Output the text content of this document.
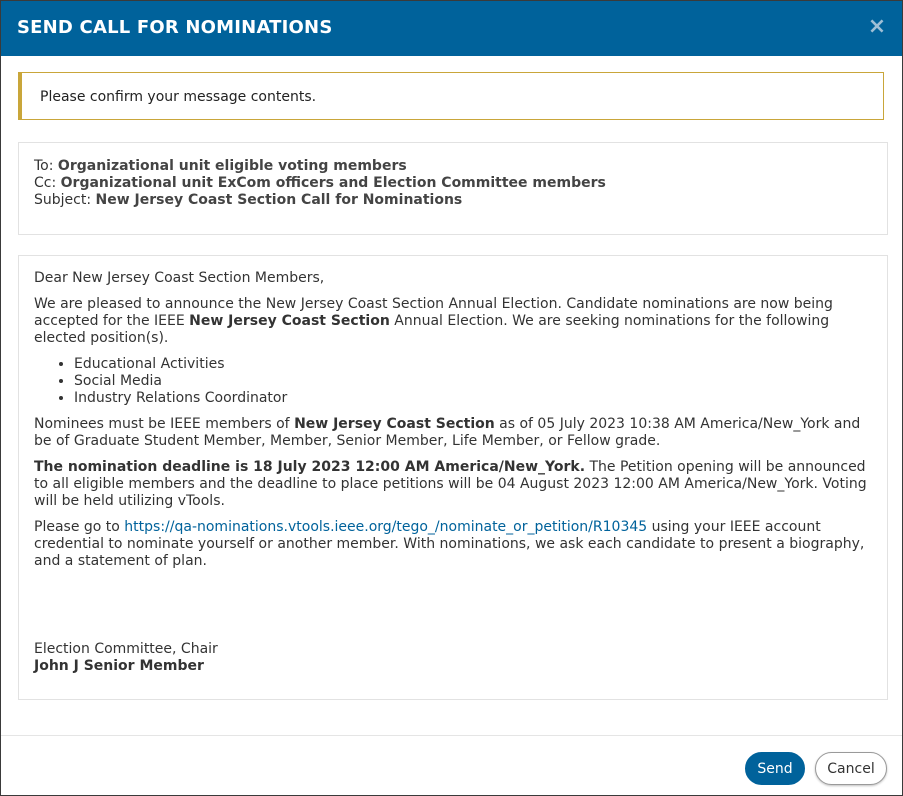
SEND CALL FOR NOMINATIONS	×
Please confirm your message contents.
To: Organizational unit eligible voting members
Cc: Organizational unit ExCom officers and Election Committee members
Subject: New Jersey Coast Section Call for Nominations

Dear New Jersey Coast Section Members,

We are pleased to announce the New Jersey Coast Section Annual Election. Candidate nominations are now being accepted for the IEEE New Jersey Coast Section Annual Election. We are seeking nominations for the following elected position(s).

• Educational Activities
• Social Media
• Industry Relations Coordinator

Nominees must be IEEE members of New Jersey Coast Section as of 05 July 2023 10:38 AM America/New_York and be of Graduate Student Member, Member, Senior Member, Life Member, or Fellow grade.

The nomination deadline is 18 July 2023 12:00 AM America/New_York. The Petition opening will be announced to all eligible members and the deadline to place petitions will be 04 August 2023 12:00 AM America/New_York. Voting will be held utilizing vTools.

Please go to https://qa-nominations.vtools.ieee.org/tego_/nominate_or_petition/R10345 using your IEEE account credential to nominate yourself or another member. With nominations, we ask each candidate to present a biography, and a statement of plan.

Election Committee, Chair
John J Senior Member
Send	Cancel
